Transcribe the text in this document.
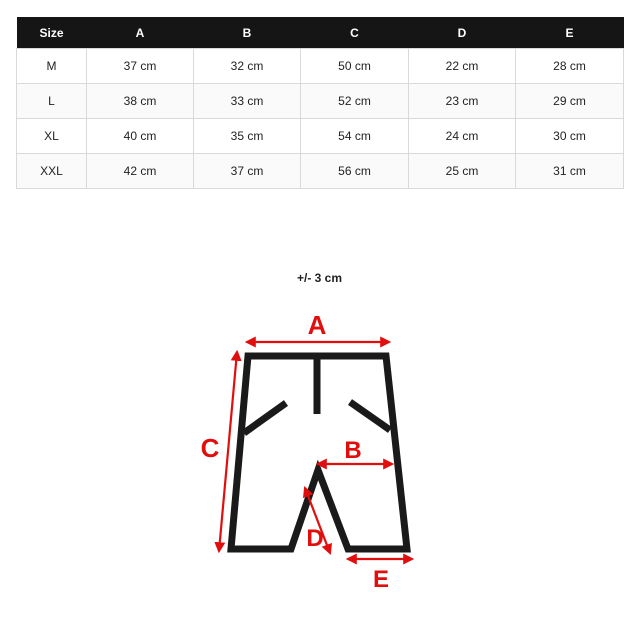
Size	A	B	C	D	E
M	37 cm	32 cm	50 cm	22 cm	28 cm
L	38 cm	33 cm	52 cm	23 cm	29 cm
XL	40 cm	35 cm	54 cm	24 cm	30 cm
XXL	42 cm	37 cm	56 cm	25 cm	31 cm
+/- 3 cm
A
C	B
D
E
